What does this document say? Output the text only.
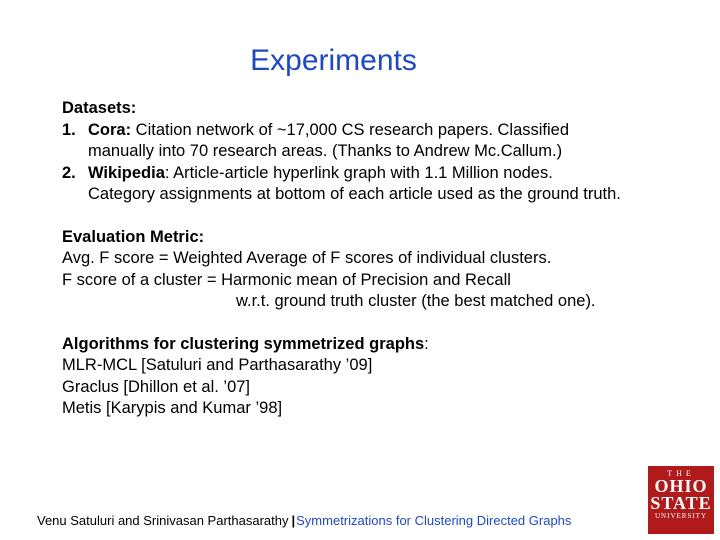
Experiments
Datasets:
1. Cora: Citation network of ~17,000 CS research papers. Classified
manually into 70 research areas. (Thanks to Andrew Mc.Callum.)
2. Wikipedia: Article-article hyperlink graph with 1.1 Million nodes.
Category assignments at bottom of each article used as the ground truth.
Evaluation Metric:
Avg. F score = Weighted Average of F scores of individual clusters.
F score of a cluster = Harmonic mean of Precision and Recall
w.r.t. ground truth cluster (the best matched one).
Algorithms for clustering symmetrized graphs:
MLR-MCL [Satuluri and Parthasarathy ’09]
Graclus [Dhillon et al. ’07]
Metis [Karypis and Kumar ’98]
Venu Satuluri and Srinivasan Parthasarathy |Symmetrizations for Clustering Directed Graphs
THE
OHIO
STATE
UNIVERSITY
